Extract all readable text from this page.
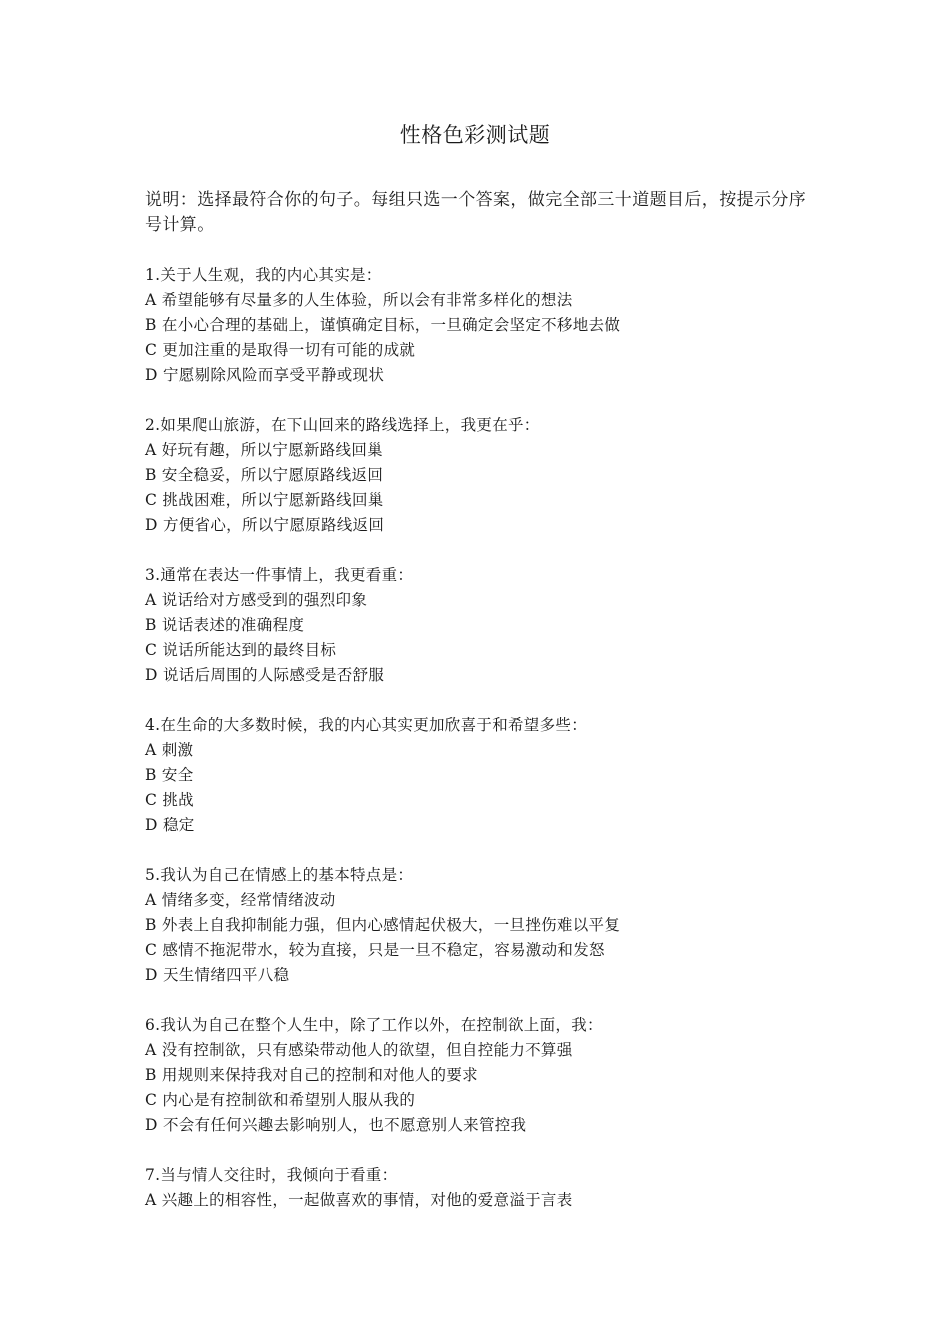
性格色彩测试题
说明：选择最符合你的句子。每组只选一个答案，做完全部三十道题目后，按提示分序号计算。
1.关于人生观，我的内心其实是：
A 希望能够有尽量多的人生体验，所以会有非常多样化的想法
B 在小心合理的基础上，谨慎确定目标，一旦确定会坚定不移地去做
C 更加注重的是取得一切有可能的成就
D 宁愿剔除风险而享受平静或现状
2.如果爬山旅游，在下山回来的路线选择上，我更在乎：
A 好玩有趣，所以宁愿新路线回巢
B 安全稳妥，所以宁愿原路线返回
C 挑战困难，所以宁愿新路线回巢
D 方便省心，所以宁愿原路线返回
3.通常在表达一件事情上，我更看重：
A 说话给对方感受到的强烈印象
B 说话表述的准确程度
C 说话所能达到的最终目标
D 说话后周围的人际感受是否舒服
4.在生命的大多数时候，我的内心其实更加欣喜于和希望多些：
A 刺激
B 安全
C 挑战
D 稳定
5.我认为自己在情感上的基本特点是：
A 情绪多变，经常情绪波动
B 外表上自我抑制能力强，但内心感情起伏极大，一旦挫伤难以平复
C 感情不拖泥带水，较为直接，只是一旦不稳定，容易激动和发怒
D 天生情绪四平八稳
6.我认为自己在整个人生中，除了工作以外，在控制欲上面，我：
A 没有控制欲，只有感染带动他人的欲望，但自控能力不算强
B 用规则来保持我对自己的控制和对他人的要求
C 内心是有控制欲和希望别人服从我的
D 不会有任何兴趣去影响别人，也不愿意别人来管控我
7.当与情人交往时，我倾向于看重：
A 兴趣上的相容性，一起做喜欢的事情，对他的爱意溢于言表
